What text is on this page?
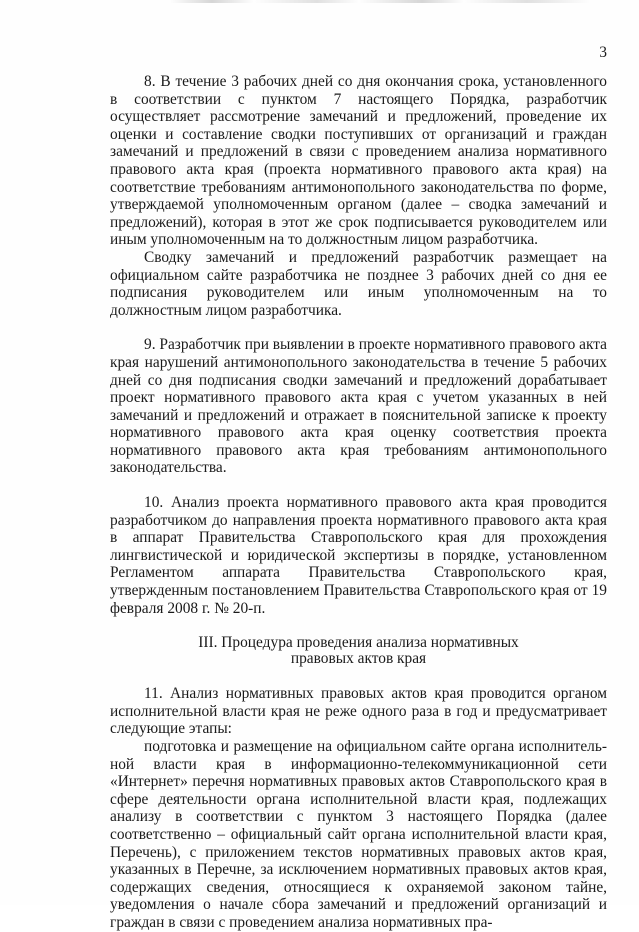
3

8. В течение 3 рабочих дней со дня окончания срока, установленного в соответствии с пунктом 7 настоящего Порядка, разработчик осуществляет рассмотрение замечаний и предложений, проведение их оценки и составление сводки поступивших от организаций и граждан замечаний и предложений в связи с проведением анализа нормативного правового акта края (проекта нормативного правового акта края) на соответствие требованиям антимонопольного законодательства по форме, утверждаемой уполномоченным органом (далее – сводка замечаний и предложений), которая в этот же срок подписывается руководителем или иным уполномоченным на то должностным лицом разработчика.

Сводку замечаний и предложений разработчик размещает на официальном сайте разработчика не позднее 3 рабочих дней со дня ее подписания руководителем или иным уполномоченным на то должностным лицом разработчика.

9. Разработчик при выявлении в проекте нормативного правового акта края нарушений антимонопольного законодательства в течение 5 рабочих дней со дня подписания сводки замечаний и предложений дорабатывает проект нормативного правового акта края с учетом указанных в ней замечаний и предложений и отражает в пояснительной записке к проекту нормативного правового акта края оценку соответствия проекта нормативного правового акта края требованиям антимонопольного законодательства.

10. Анализ проекта нормативного правового акта края проводится разработчиком до направления проекта нормативного правового акта края в аппарат Правительства Ставропольского края для прохождения лингвистической и юридической экспертизы в порядке, установленном Регламентом аппарата Правительства Ставропольского края, утвержденным постановлением Правительства Ставропольского края от 19 февраля 2008 г. № 20-п.

III. Процедура проведения анализа нормативных
правовых актов края

11. Анализ нормативных правовых актов края проводится органом исполнительной власти края не реже одного раза в год и предусматривает следующие этапы:

подготовка и размещение на официальном сайте органа исполнительной власти края в информационно-телекоммуникационной сети «Интернет» перечня нормативных правовых актов Ставропольского края в сфере деятельности органа исполнительной власти края, подлежащих анализу в соответствии с пунктом 3 настоящего Порядка (далее соответственно – официальный сайт органа исполнительной власти края, Перечень), с приложением текстов нормативных правовых актов края, указанных в Перечне, за исключением нормативных правовых актов края, содержащих сведения, относящиеся к охраняемой законом тайне, уведомления о начале сбора замечаний и предложений организаций и граждан в связи с проведением анализа нормативных пра-
